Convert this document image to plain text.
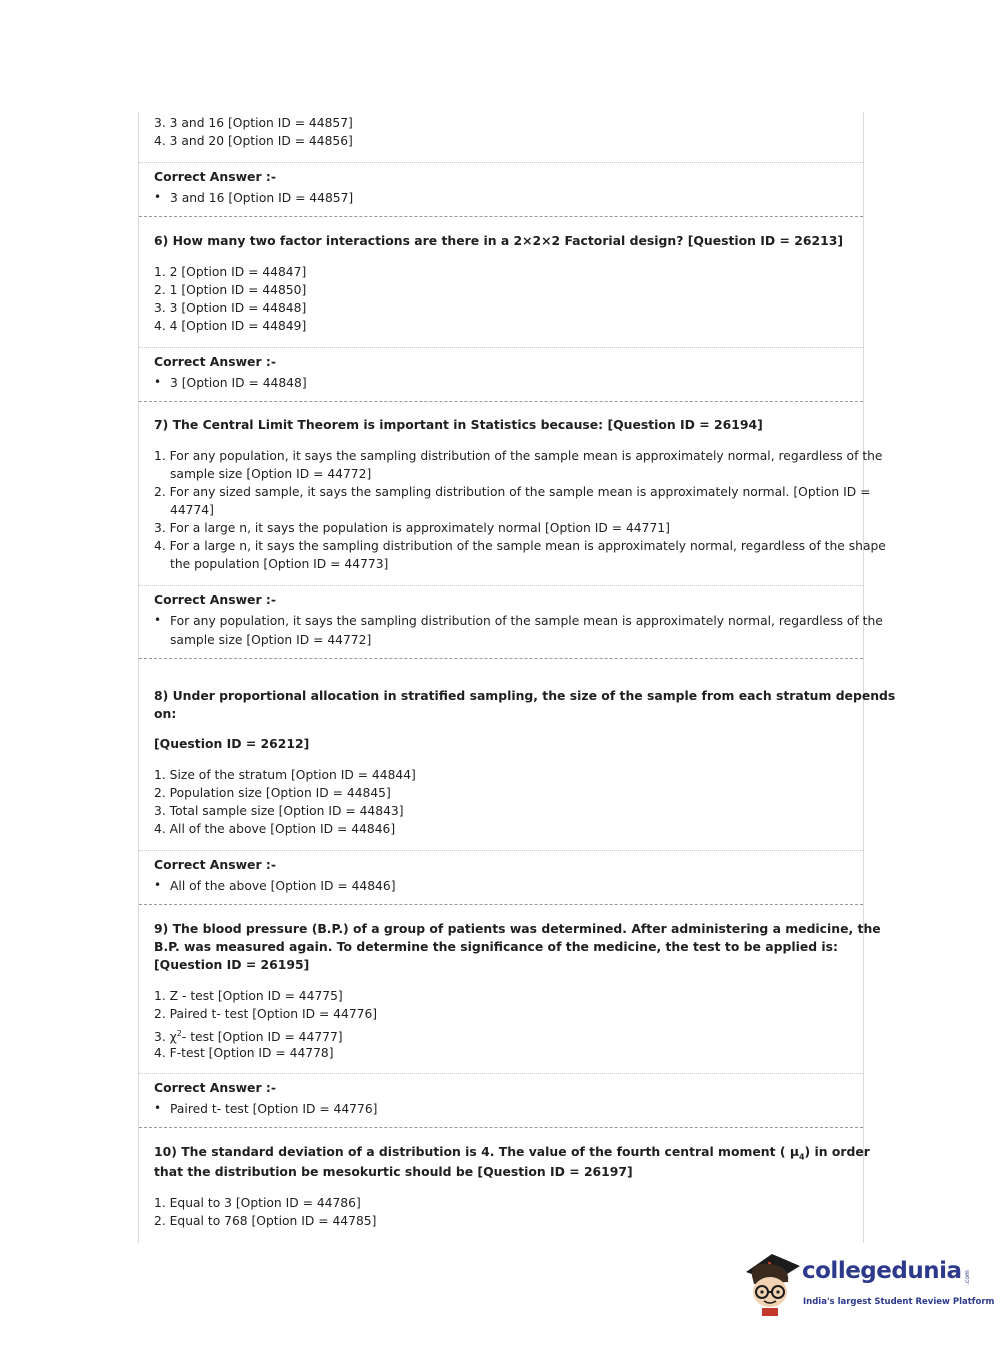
3. 3 and 16 [Option ID = 44857]
4. 3 and 20 [Option ID = 44856]
Correct Answer :-
• 3 and 16 [Option ID = 44857]
6) How many two factor interactions are there in a 2×2×2 Factorial design? [Question ID = 26213]
1. 2 [Option ID = 44847]
2. 1 [Option ID = 44850]
3. 3 [Option ID = 44848]
4. 4 [Option ID = 44849]
Correct Answer :-
• 3 [Option ID = 44848]
7) The Central Limit Theorem is important in Statistics because: [Question ID = 26194]
1. For any population, it says the sampling distribution of the sample mean is approximately normal, regardless of the
sample size [Option ID = 44772]
2. For any sized sample, it says the sampling distribution of the sample mean is approximately normal. [Option ID =
44774]
3. For a large n, it says the population is approximately normal [Option ID = 44771]
4. For a large n, it says the sampling distribution of the sample mean is approximately normal, regardless of the shape
the population [Option ID = 44773]
Correct Answer :-
• For any population, it says the sampling distribution of the sample mean is approximately normal, regardless of the
sample size [Option ID = 44772]
8) Under proportional allocation in stratified sampling, the size of the sample from each stratum depends
on:
[Question ID = 26212]
1. Size of the stratum [Option ID = 44844]
2. Population size [Option ID = 44845]
3. Total sample size [Option ID = 44843]
4. All of the above [Option ID = 44846]
Correct Answer :-
• All of the above [Option ID = 44846]
9) The blood pressure (B.P.) of a group of patients was determined. After administering a medicine, the
B.P. was measured again. To determine the significance of the medicine, the test to be applied is:
[Question ID = 26195]
1. Z - test [Option ID = 44775]
2. Paired t- test [Option ID = 44776]
3. $\chi^2-$ test [Option ID = 44777]
4. F-test [Option ID = 44778]
Correct Answer :-
• Paired t- test [Option ID = 44776]
10) The standard deviation of a distribution is 4. The value of the fourth central moment ( $\mu_4$) in order
that the distribution be mesokurtic should be [Question ID = 26197]
1. Equal to 3 [Option ID = 44786]
2. Equal to 768 [Option ID = 44785]
collegedunia .com
India's largest Student Review Platform
